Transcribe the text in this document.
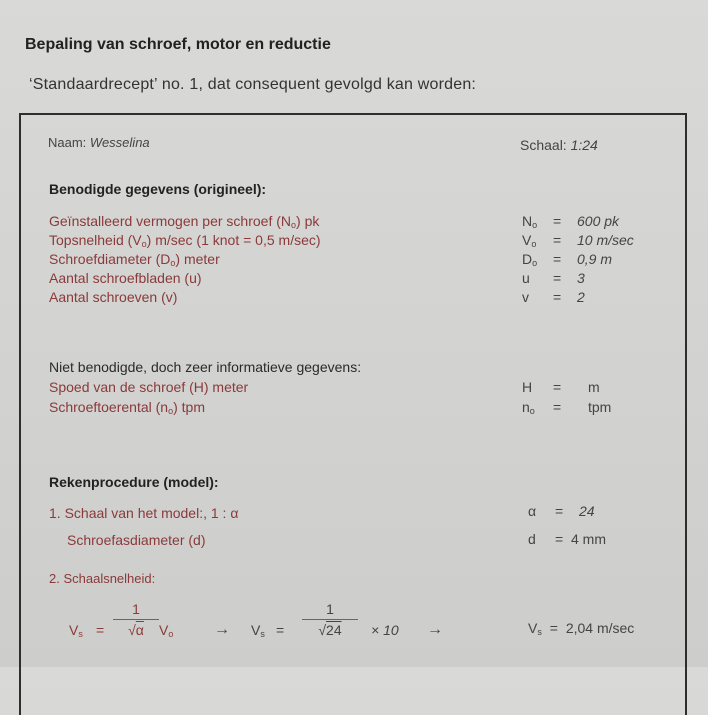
Bepaling van schroef, motor en reductie
‘Standaardrecept’ no. 1, dat consequent gevolgd kan worden:
Naam: Wesselina	Schaal: 1:24
Benodigde gegevens (origineel):
Niet benodigde, doch zeer informatieve gegevens:
Rekenprocedure (model):
1. Schaal van het model:, 1 : α	α = 24
Schroefasdiameter (d)	d = 4 mm
2. Schaalsnelheid:
$V_s$ =
1
√α	$V_o$	→ $V_s$ =
1
√24	× 10 →	$V_s = 2,04$ m/sec
Geïnstalleerd vermogen per schroef $(N_o)$ pk	$N_o = 600$ pk
Topsnelheid $(V_o)$ m/sec (1 knot = 0,5 m/sec)	$V_o = 10$ m/sec
Schroefdiameter $(D_o)$ meter	$D_o = 0,9$ m
Aantal schroefbladen (u)	u = 3
Aantal schroeven (v)	v = 2
Spoed van de schroef (H) meter	H = m
Schroeftoerental $(n_o)$ tpm	$n_o$ = tpm
